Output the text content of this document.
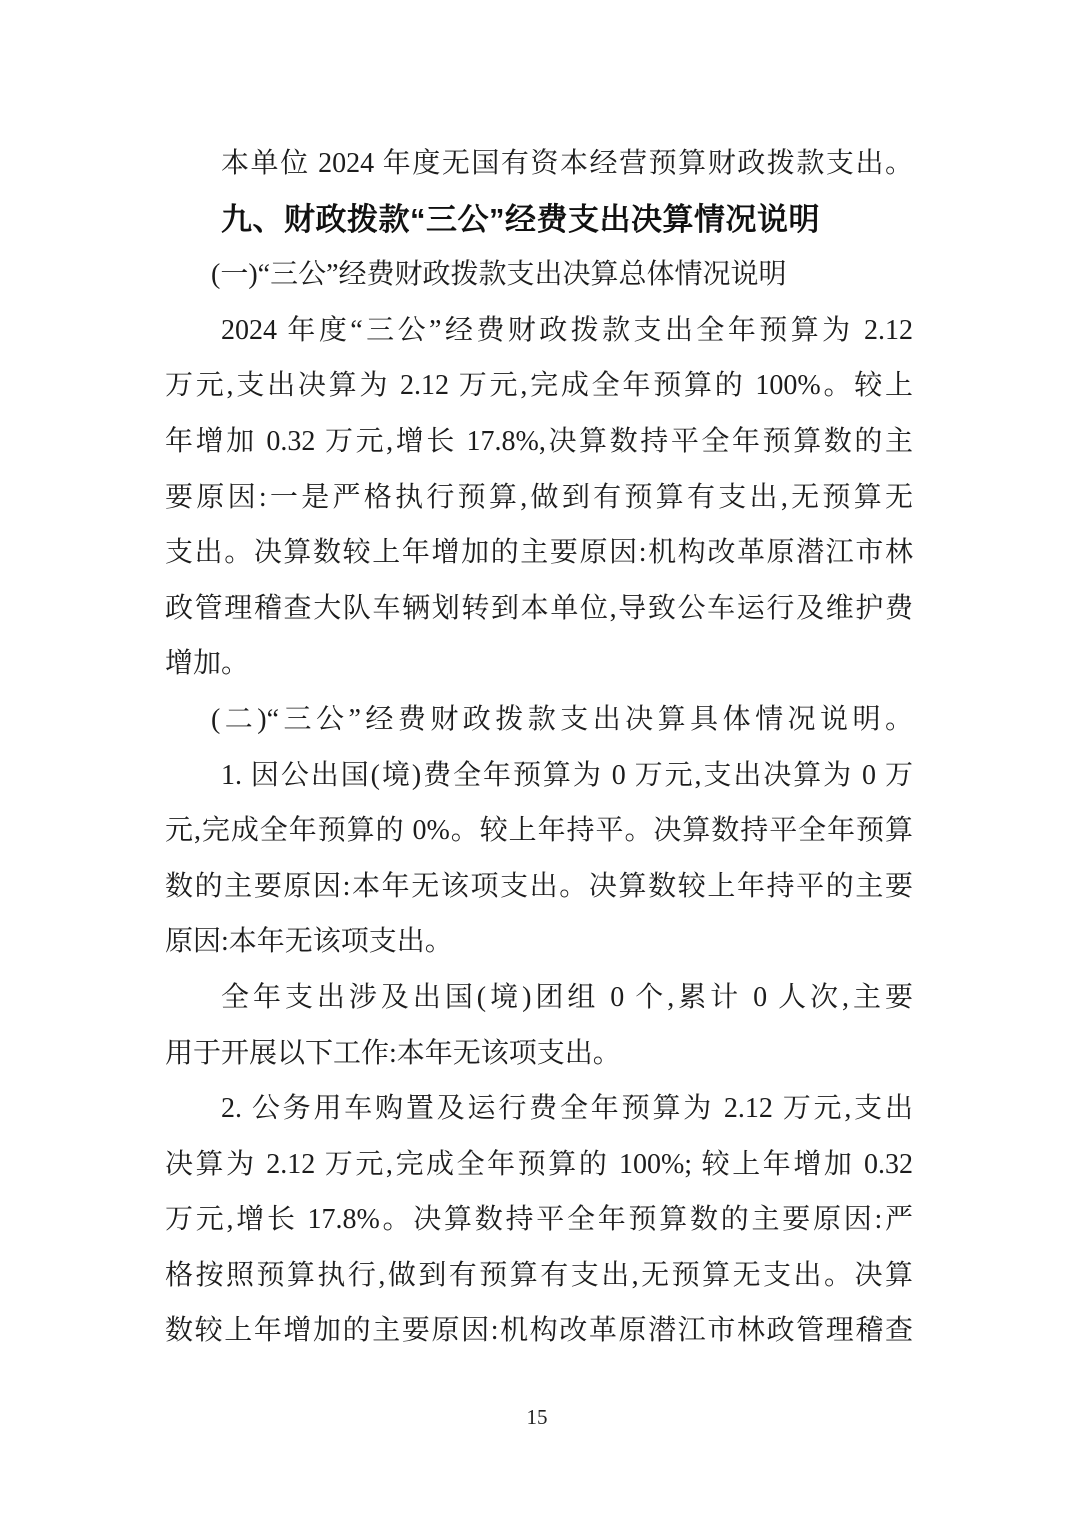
本单位 2024 年度无国有资本经营预算财政拨款支出。
九、财政拨款“三公”经费支出决算情况说明
(一)“三公”经费财政拨款支出决算总体情况说明
2024 年度“三公”经费财政拨款支出全年预算为 2.12
万元,支出决算为 2.12 万元,完成全年预算的 100%。较上
年增加 0.32 万元,增长 17.8%,决算数持平全年预算数的主
要原因:一是严格执行预算,做到有预算有支出,无预算无
支出。决算数较上年增加的主要原因:机构改革原潜江市林
政管理稽查大队车辆划转到本单位,导致公车运行及维护费
增加。
(二)“三公”经费财政拨款支出决算具体情况说明。
1. 因公出国(境)费全年预算为 0 万元,支出决算为 0 万
元,完成全年预算的 0%。较上年持平。决算数持平全年预算
数的主要原因:本年无该项支出。决算数较上年持平的主要
原因:本年无该项支出。
全年支出涉及出国(境)团组 0 个,累计 0 人次,主要
用于开展以下工作:本年无该项支出。
2. 公务用车购置及运行费全年预算为 2.12 万元,支出
决算为 2.12 万元,完成全年预算的 100%; 较上年增加 0.32
万元,增长 17.8%。决算数持平全年预算数的主要原因:严
格按照预算执行,做到有预算有支出,无预算无支出。决算
数较上年增加的主要原因:机构改革原潜江市林政管理稽查
15
